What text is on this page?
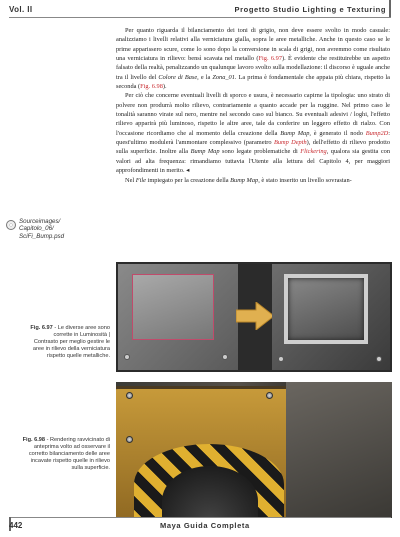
Vol. II	Progetto Studio Lighting e Texturing

Per quanto riguarda il bilanciamento dei toni di grigio, non deve essere svolto in modo casuale: analizziamo i livelli relativi alla verniciatura gialla, sopra le aree metalliche. Anche in questo caso se le prime apparissero scure, come lo sono dopo la conversione in scala di grigi, non avremmo come risultato una verniciatura in rilievo: bensì scavata nel metallo (Fig. 6.97). È evidente che restituirebbe un aspetto falsato della realtà, penalizzando un qualunque lavoro svolto sulla modellazione: il discorso è uguale anche tra il livello del Colore di Base, e la Zona_01. La prima è fondamentale che appaia più chiara, rispetto la seconda (Fig. 6.98).

Per ciò che concerne eventuali livelli di sporco e usura, è necessario capirne la tipologia: uno strato di polvere non produrrà molto rilievo, contrariamente a quanto accade per la ruggine. Nel primo caso le tonalità saranno virate sul nero, mentre nel secondo caso sul bianco. Su eventuali adesivi / loghi, l'effetto rilievo apparirà più luminoso, rispetto le altre aree, tale da conferire un leggero effetto di rialzo. Con l'occasione ricordiamo che al momento della creazione della Bump Map, è generato il nodo Bump2D: quest'ultimo modulerà l'ammontare complessivo (parametro Bump Depth), dell'effetto di rilievo prodotto sulla superficie. Inoltre alla Bump Map sono legate problematiche di Flickering, qualora sia gestita con valori ad alta frequenza: rimandiamo tuttavia l'Utente alla lettura del Capitolo 4, per maggiori approfondimenti in merito. ◂

Nel File impiegato per la creazione della Bump Map, è stato inserito un livello sovrastan-

Sourceimages/
Capitolo_06/
SciFi_Bump.psd
Fig. 6.97 - Le diverse aree sono corrette in Luminosità | Contrasto per meglio gestire le aree in rilievo della verniciatura rispetto quelle metalliche.
Fig. 6.98 - Rendering ravvicinato di anteprima volto ad osservare il corretto bilanciamento delle aree incavate rispetto quelle in rilievo sulla superficie.
442	Maya Guida Completa
